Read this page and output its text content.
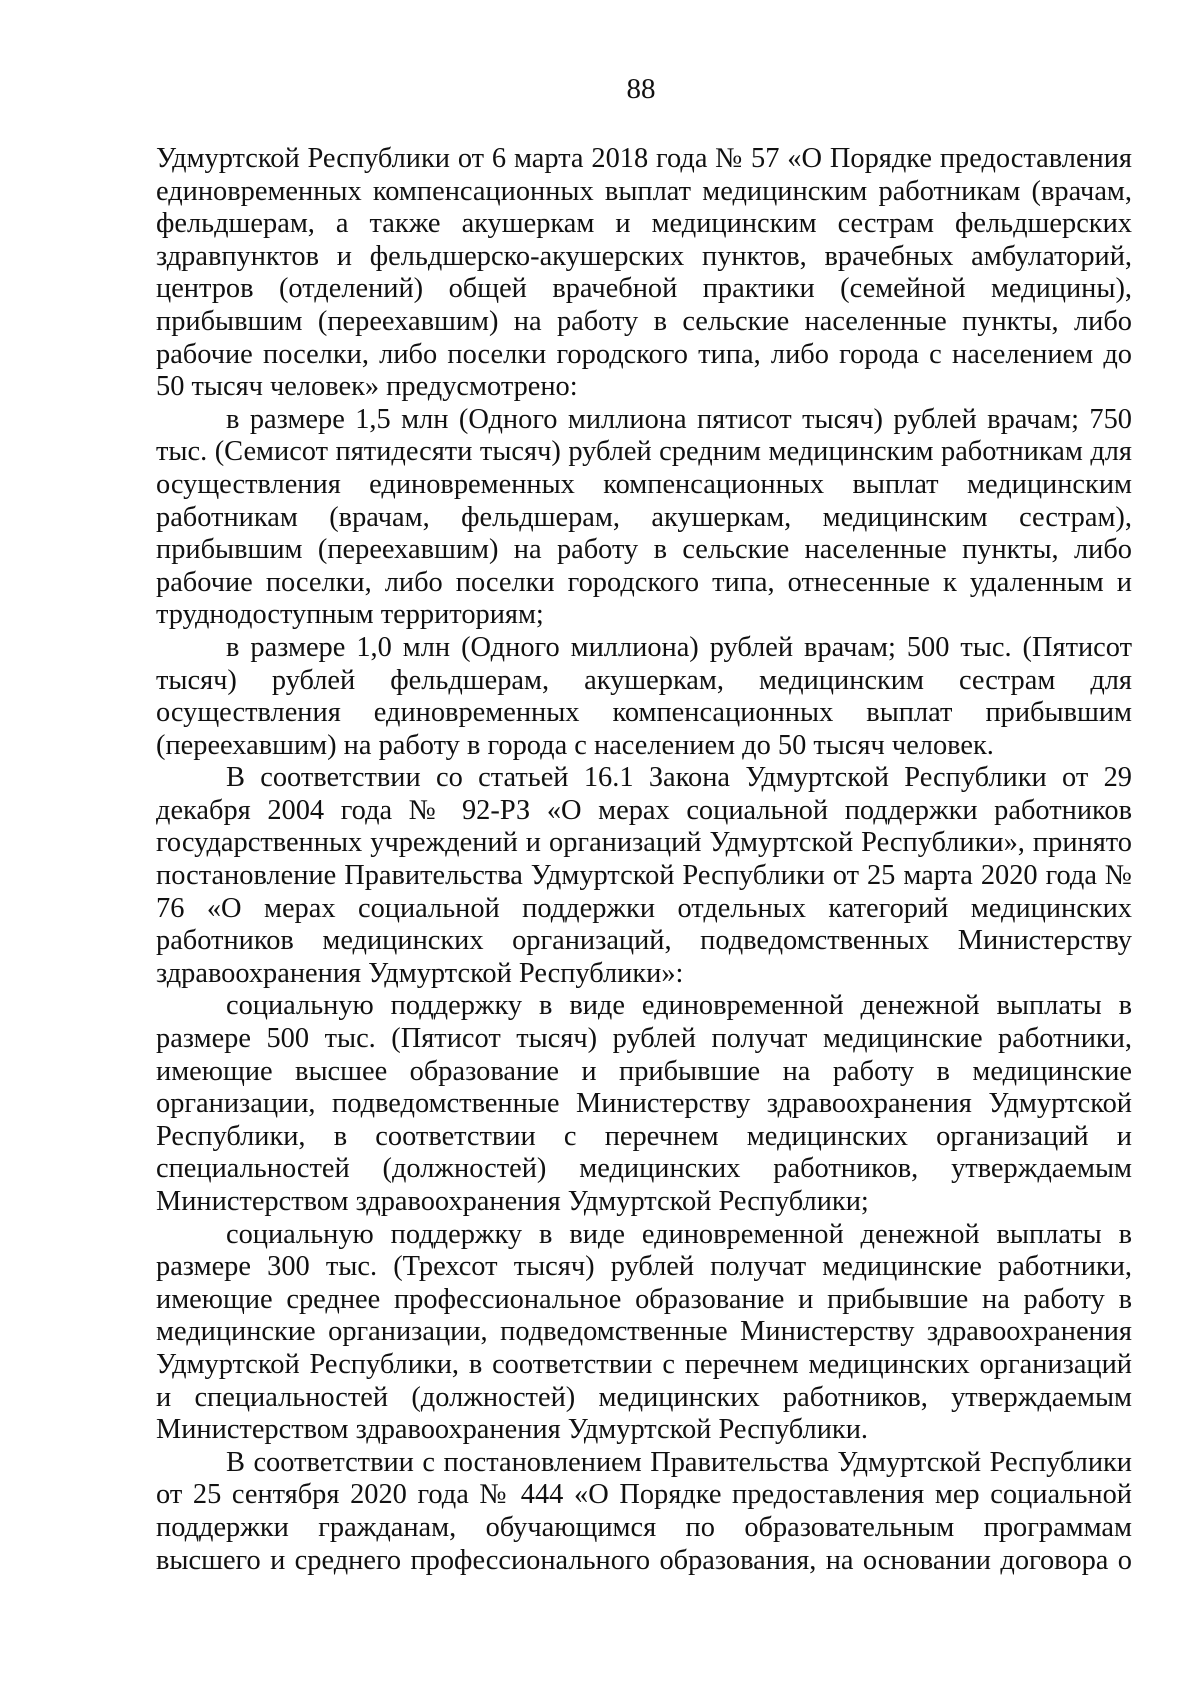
88

Удмуртской Республики от 6 марта 2018 года № 57 «О Порядке предоставления единовременных компенсационных выплат медицинским работникам (врачам, фельдшерам, а также акушеркам и медицинским сестрам фельдшерских здравпунктов и фельдшерско-акушерских пунктов, врачебных амбулаторий, центров (отделений) общей врачебной практики (семейной медицины), прибывшим (переехавшим) на работу в сельские населенные пункты, либо рабочие поселки, либо поселки городского типа, либо города с населением до 50 тысяч человек» предусмотрено:

в размере 1,5 млн (Одного миллиона пятисот тысяч) рублей врачам; 750 тыс. (Семисот пятидесяти тысяч) рублей средним медицинским работникам для осуществления единовременных компенсационных выплат медицинским работникам (врачам, фельдшерам, акушеркам, медицинским сестрам), прибывшим (переехавшим) на работу в сельские населенные пункты, либо рабочие поселки, либо поселки городского типа, отнесенные к удаленным и труднодоступным территориям;

в размере 1,0 млн (Одного миллиона) рублей врачам; 500 тыс. (Пятисот тысяч) рублей фельдшерам, акушеркам, медицинским сестрам для осуществления единовременных компенсационных выплат прибывшим (переехавшим) на работу в города с населением до 50 тысяч человек.

В соответствии со статьей 16.1 Закона Удмуртской Республики от 29 декабря 2004 года № 92-РЗ «О мерах социальной поддержки работников государственных учреждений и организаций Удмуртской Республики», принято постановление Правительства Удмуртской Республики от 25 марта 2020 года № 76 «О мерах социальной поддержки отдельных категорий медицинских работников медицинских организаций, подведомственных Министерству здравоохранения Удмуртской Республики»:

социальную поддержку в виде единовременной денежной выплаты в размере 500 тыс. (Пятисот тысяч) рублей получат медицинские работники, имеющие высшее образование и прибывшие на работу в медицинские организации, подведомственные Министерству здравоохранения Удмуртской Республики, в соответствии с перечнем медицинских организаций и специальностей (должностей) медицинских работников, утверждаемым Министерством здравоохранения Удмуртской Республики;

социальную поддержку в виде единовременной денежной выплаты в размере 300 тыс. (Трехсот тысяч) рублей получат медицинские работники, имеющие среднее профессиональное образование и прибывшие на работу в медицинские организации, подведомственные Министерству здравоохранения Удмуртской Республики, в соответствии с перечнем медицинских организаций и специальностей (должностей) медицинских работников, утверждаемым Министерством здравоохранения Удмуртской Республики.

В соответствии с постановлением Правительства Удмуртской Республики от 25 сентября 2020 года № 444 «О Порядке предоставления мер социальной поддержки гражданам, обучающимся по образовательным программам высшего и среднего профессионального образования, на основании договора о
